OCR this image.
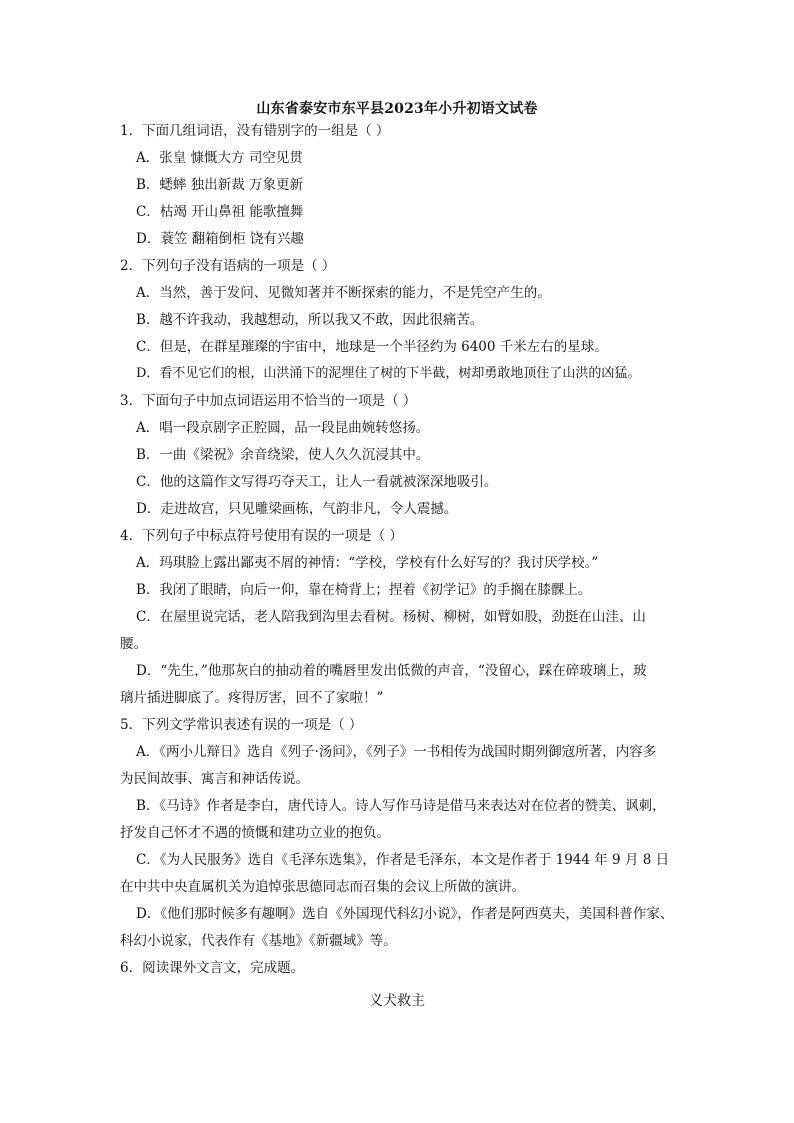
山东省泰安市东平县2023年小升初语文试卷
1．下面几组词语，没有错别字的一组是（ ）
A．张皇 慷慨大方 司空见贯
B．蟋蟀 独出新裁 万象更新
C．枯竭 开山鼻祖 能歌擅舞
D．蓑笠 翻箱倒柜 饶有兴趣
2．下列句子没有语病的一项是（ ）
A．当然，善于发问、见微知著并不断探索的能力，不是凭空产生的。
B．越不许我动，我越想动，所以我又不敢，因此很痛苦。
C．但是，在群星璀璨的宇宙中，地球是一个半径约为 6400 千米左右的星球。
D．看不见它们的根，山洪涌下的泥埋住了树的下半截，树却勇敢地顶住了山洪的凶猛。
3．下面句子中加点词语运用不恰当的一项是（ ）
A．唱一段京剧字正腔圆，品一段昆曲婉转悠扬。
B．一曲《梁祝》余音绕梁，使人久久沉浸其中。
C．他的这篇作文写得巧夺天工，让人一看就被深深地吸引。
D．走进故宫，只见雕梁画栋，气韵非凡，令人震撼。
4．下列句子中标点符号使用有误的一项是（ ）
A．玛琪脸上露出鄙夷不屑的神情：“学校，学校有什么好写的？我讨厌学校。”
B．我闭了眼睛，向后一仰，靠在椅背上；捏着《初学记》的手搁在膝髁上。
C．在屋里说完话，老人陪我到沟里去看树。杨树、柳树，如臂如股，劲挺在山洼、山
腰。
D．“先生，”他那灰白的抽动着的嘴唇里发出低微的声音，“没留心，踩在碎玻璃上，玻
璃片插进脚底了。疼得厉害，回不了家啦！”
5．下列文学常识表述有误的一项是（ ）
A．《两小儿辩日》选自《列子·汤问》，《列子》一书相传为战国时期列御寇所著，内容多
为民间故事、寓言和神话传说。
B．《马诗》作者是李白，唐代诗人。诗人写作马诗是借马来表达对在位者的赞美、讽刺，
抒发自己怀才不遇的愤慨和建功立业的抱负。
C．《为人民服务》选自《毛泽东选集》，作者是毛泽东，本文是作者于 1944 年 9 月 8 日
在中共中央直属机关为追悼张思德同志而召集的会议上所做的演讲。
D．《他们那时候多有趣啊》选自《外国现代科幻小说》，作者是阿西莫夫，美国科普作家、
科幻小说家，代表作有《基地》《新疆域》等。
6．阅读课外文言文，完成题。
义犬救主
